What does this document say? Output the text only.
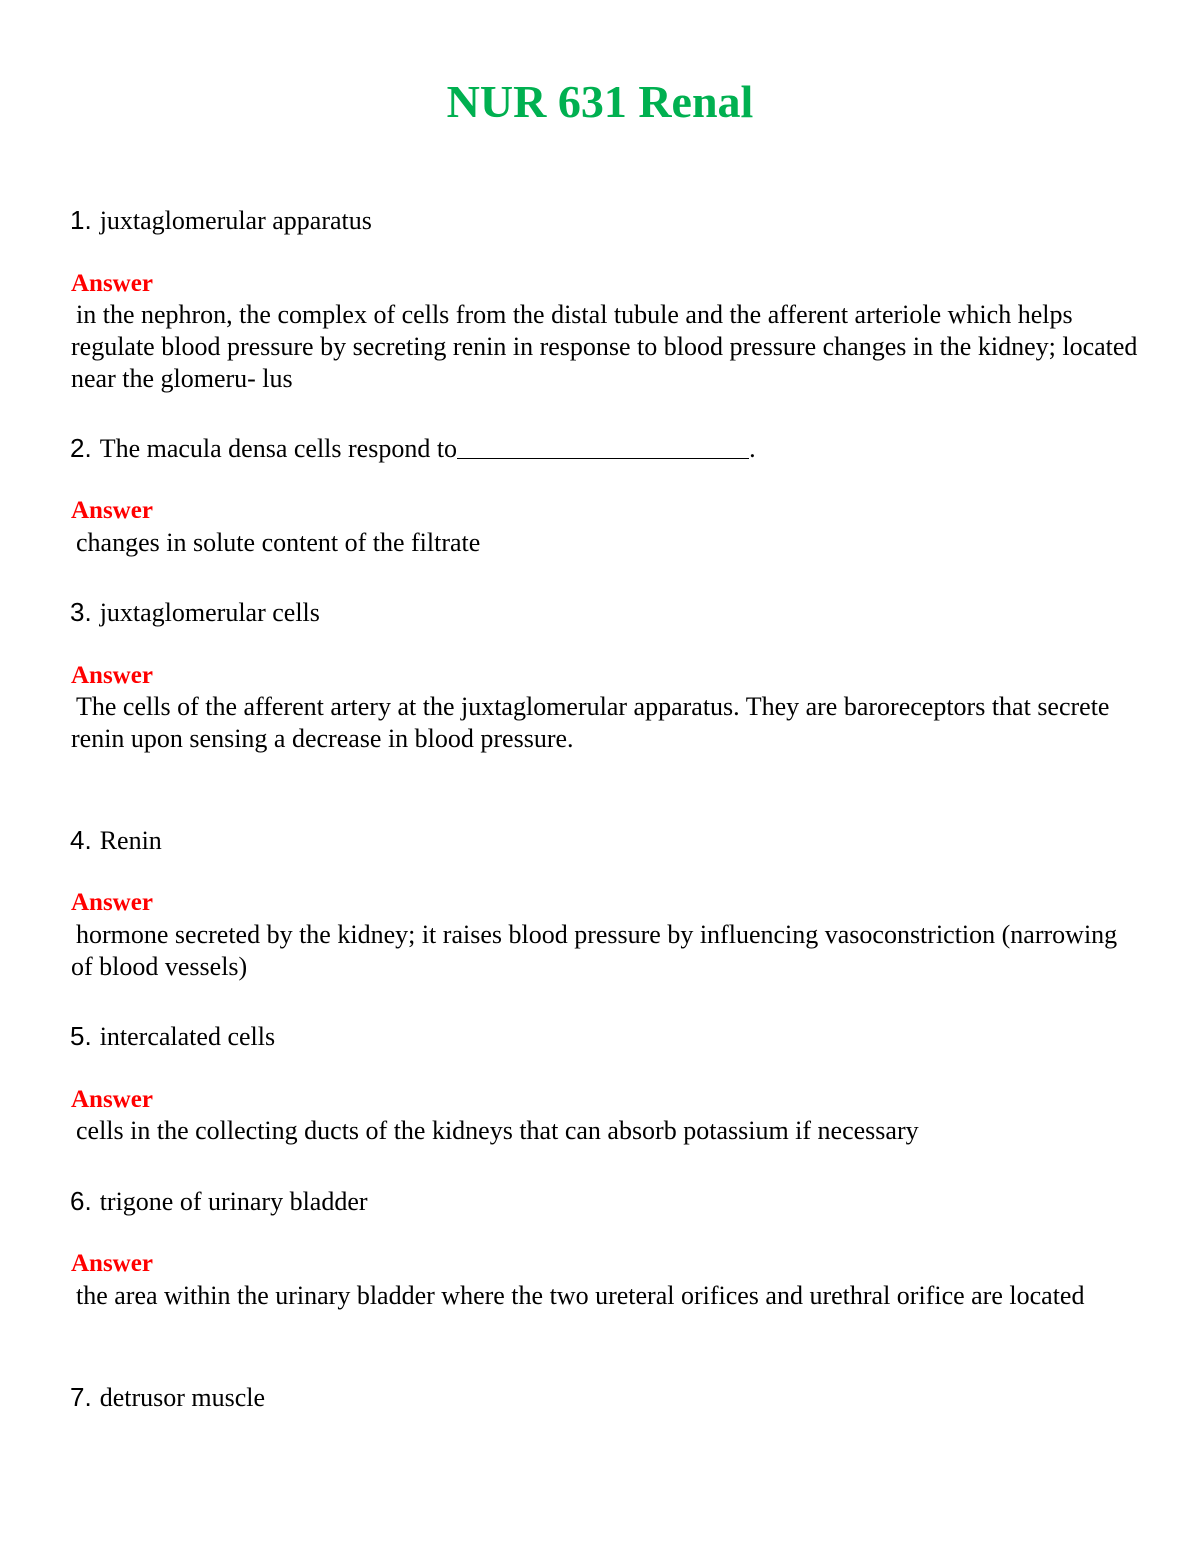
NUR 631 Renal
1. juxtaglomerular apparatus
Answer

in the nephron, the complex of cells from the distal tubule and the afferent arteriole which helps regulate blood pressure by secreting renin in response to blood pressure changes in the kidney; located near the glomeru- lus

2. The macula densa cells respond to	.
Answer

changes in solute content of the filtrate

3. juxtaglomerular cells
Answer

The cells of the afferent artery at the juxtaglomerular apparatus. They are baroreceptors that secrete renin upon sensing a decrease in blood pressure.

4. Renin
Answer

hormone secreted by the kidney; it raises blood pressure by influencing vasoconstriction (narrowing of blood vessels)

5. intercalated cells
Answer

cells in the collecting ducts of the kidneys that can absorb potassium if necessary

6. trigone of urinary bladder
Answer

the area within the urinary bladder where the two ureteral orifices and urethral orifice are located

7. detrusor muscle
